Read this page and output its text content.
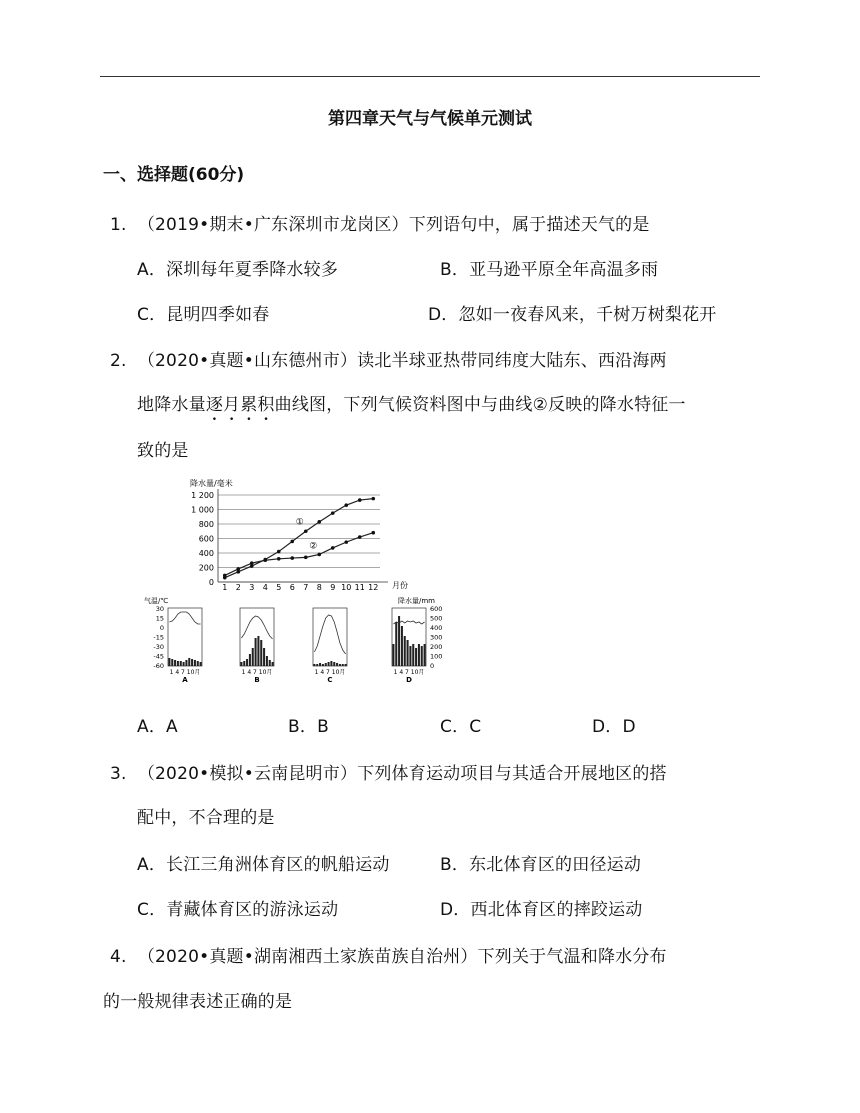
第四章天气与气候单元测试
一、选择题(60分)
1. （2019•期末•广东深圳市龙岗区）下列语句中，属于描述天气的是
A．深圳每年夏季降水较多	B．亚马逊平原全年高温多雨
C．昆明四季如春	D．忽如一夜春风来，千树万树梨花开
2. （2020•真题•山东德州市）读北半球亚热带同纬度大陆东、西沿海两
地降水量逐月累积曲线图，下列气候资料图中与曲线②反映的降水特征一
致的是
降水量/毫米
0
200
400
600
800
1 000
1 200
1 2 3 4 5 6 7 8 9 10 11 12 月份
①
②
气温/℃	降水量/mm
30
15
0
-15
-30
-45
-60
600
500
400
300
200
100
0
1 4 7 10月
A
1 4 7 10月
B
1 4 7 10月
C
1 4 7 10月
D
A．A	B．B	C．C	D．D
3. （2020•模拟•云南昆明市）下列体育运动项目与其适合开展地区的搭
配中，不合理的是
A．长江三角洲体育区的帆船运动	B．东北体育区的田径运动
C．青藏体育区的游泳运动	D．西北体育区的摔跤运动
4. （2020•真题•湖南湘西土家族苗族自治州）下列关于气温和降水分布
的一般规律表述正确的是
